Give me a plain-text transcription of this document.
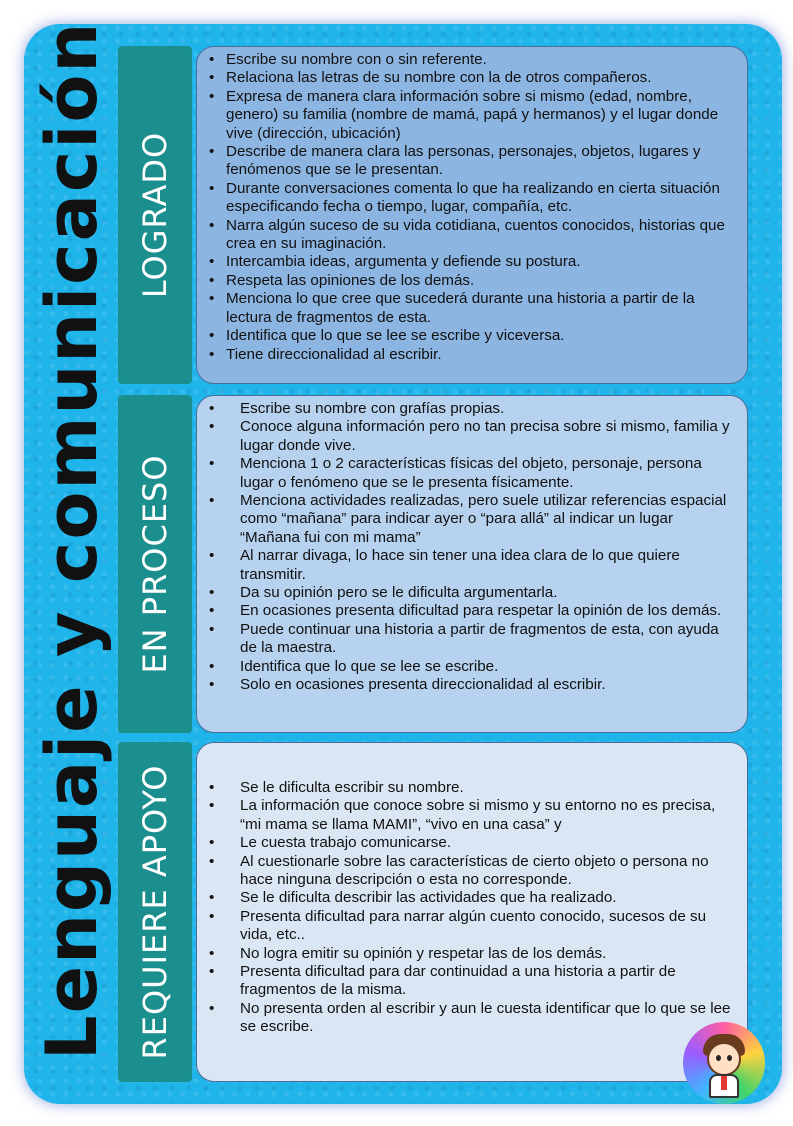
Lenguaje y comunicación LOGRADO
• Escribe su nombre con o sin referente.
• Relaciona las letras de su nombre con la de otros compañeros.
• Expresa de manera clara información sobre si mismo (edad, nombre, genero) su familia (nombre de mamá, papá y hermanos) y el lugar donde vive (dirección, ubicación)
• Describe de manera clara las personas, personajes, objetos, lugares y fenómenos que se le presentan.
• Durante conversaciones comenta lo que ha realizando en cierta situación especificando fecha o tiempo, lugar, compañía, etc.
• Narra algún suceso de su vida cotidiana, cuentos conocidos, historias que crea en su imaginación.
• Intercambia ideas, argumenta y defiende su postura.
• Respeta las opiniones de los demás.
• Menciona lo que cree que sucederá durante una historia a partir de la lectura de fragmentos de esta.
• Identifica que lo que se lee se escribe y viceversa.
• Tiene direccionalidad al escribir.
EN PROCESO
• Escribe su nombre con grafías propias.
• Conoce alguna información pero no tan precisa sobre si mismo, familia y lugar donde vive.
• Menciona 1 o 2 características físicas del objeto, personaje, persona lugar o fenómeno que se le presenta físicamente.
• Menciona actividades realizadas, pero suele utilizar referencias espacial como “mañana” para indicar ayer o “para allá” al indicar un lugar “Mañana fui con mi mama”
• Al narrar divaga, lo hace sin tener una idea clara de lo que quiere transmitir.
• Da su opinión pero se le dificulta argumentarla.
• En ocasiones presenta dificultad para respetar la opinión de los demás.
• Puede continuar una historia a partir de fragmentos de esta, con ayuda de la maestra.
• Identifica que lo que se lee se escribe.
• Solo en ocasiones presenta direccionalidad al escribir.
REQUIERE APOYO
•	Se le dificulta escribir su nombre.
• La información que conoce sobre si mismo y su entorno no es precisa, “mi mama se llama MAMI”, “vivo en una casa” y
• Le cuesta trabajo comunicarse.
• Al cuestionarle sobre las características de cierto objeto o persona no hace ninguna descripción o esta no corresponde.
• Se le dificulta describir las actividades que ha realizado.
• Presenta dificultad para narrar algún cuento conocido, sucesos de su vida, etc..
• No logra emitir su opinión y respetar las de los demás.
• Presenta dificultad para dar continuidad a una historia a partir de fragmentos de la misma.
• No presenta orden al escribir y aun le cuesta identificar que lo que se lee se escribe.
